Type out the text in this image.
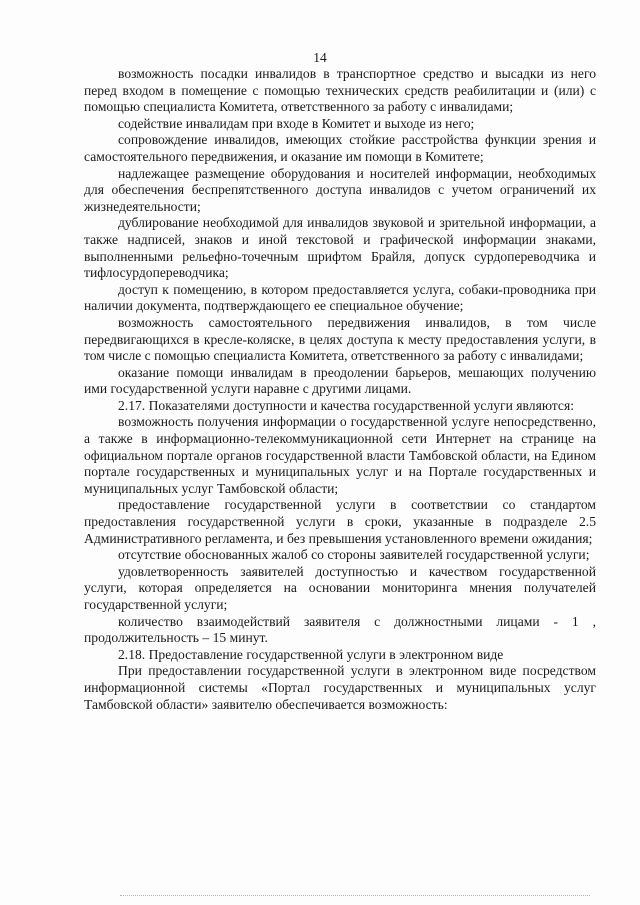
14

возможность посадки инвалидов в транспортное средство и высадки из него перед входом в помещение с помощью технических средств реабилитации и (или) с помощью специалиста Комитета, ответственного за работу с инвалидами;

содействие инвалидам при входе в Комитет и выходе из него;

сопровождение инвалидов, имеющих стойкие расстройства функции зрения и самостоятельного передвижения, и оказание им помощи в Комитете;

надлежащее размещение оборудования и носителей информации, необходимых для обеспечения беспрепятственного доступа инвалидов с учетом ограничений их жизнедеятельности;

дублирование необходимой для инвалидов звуковой и зрительной информации, а также надписей, знаков и иной текстовой и графической информации знаками, выполненными рельефно-точечным шрифтом Брайля, допуск сурдопереводчика и тифлосурдопереводчика;

доступ к помещению, в котором предоставляется услуга, собаки-проводника при наличии документа, подтверждающего ее специальное обучение;

возможность самостоятельного передвижения инвалидов, в том числе передвигающихся в кресле-коляске, в целях доступа к месту предоставления услуги, в том числе с помощью специалиста Комитета, ответственного за работу с инвалидами;

оказание помощи инвалидам в преодолении барьеров, мешающих получению ими государственной услуги наравне с другими лицами.

2.17. Показателями доступности и качества государственной услуги являются:

возможность получения информации о государственной услуге непосредственно, а также в информационно-телекоммуникационной сети Интернет на странице на официальном портале органов государственной власти Тамбовской области, на Едином портале государственных и муниципальных услуг и на Портале государственных и муниципальных услуг Тамбовской области;

предоставление государственной услуги в соответствии со стандартом предоставления государственной услуги в сроки, указанные в подразделе 2.5 Административного регламента, и без превышения установленного времени ожидания;

отсутствие обоснованных жалоб со стороны заявителей государственной услуги;

удовлетворенность заявителей доступностью и качеством государственной услуги, которая определяется на основании мониторинга мнения получателей государственной услуги;

количество взаимодействий заявителя с должностными лицами - 1 , продолжительность – 15 минут.

2.18. Предоставление государственной услуги в электронном виде

При предоставлении государственной услуги в электронном виде посредством информационной системы «Портал государственных и муниципальных услуг Тамбовской области» заявителю обеспечивается возможность:
